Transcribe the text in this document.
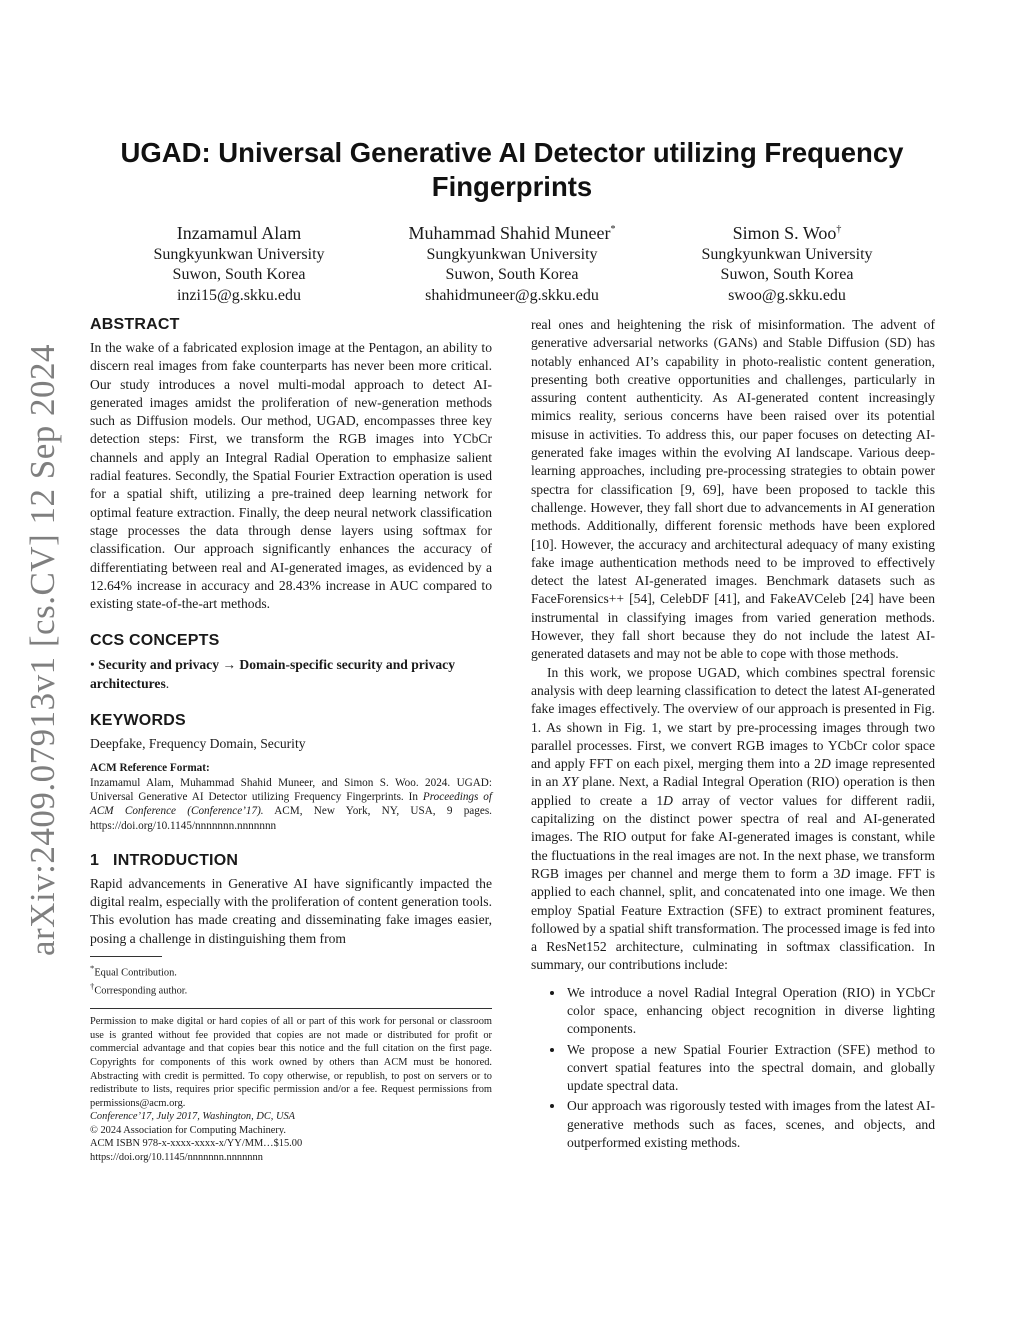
arXiv:2409.07913v1 [cs.CV] 12 Sep 2024
UGAD: Universal Generative AI Detector utilizing Frequency Fingerprints
Inzamamul Alam
Sungkyunkwan University
Suwon, South Korea
inzi15@g.skku.edu
Muhammad Shahid Muneer*
Sungkyunkwan University
Suwon, South Korea
shahidmuneer@g.skku.edu
Simon S. Woo†
Sungkyunkwan University
Suwon, South Korea
swoo@g.skku.edu
ABSTRACT

In the wake of a fabricated explosion image at the Pentagon, an ability to discern real images from fake counterparts has never been more critical. Our study introduces a novel multi-modal approach to detect AI-generated images amidst the proliferation of new-generation methods such as Diffusion models. Our method, UGAD, encompasses three key detection steps: First, we transform the RGB images into YCbCr channels and apply an Integral Radial Operation to emphasize salient radial features. Secondly, the Spatial Fourier Extraction operation is used for a spatial shift, utilizing a pre-trained deep learning network for optimal feature extraction. Finally, the deep neural network classification stage processes the data through dense layers using softmax for classification. Our approach significantly enhances the accuracy of differentiating between real and AI-generated images, as evidenced by a 12.64% increase in accuracy and 28.43% increase in AUC compared to existing state-of-the-art methods.

CCS CONCEPTS

• Security and privacy → Domain-specific security and privacy architectures.

KEYWORDS

Deepfake, Frequency Domain, Security

ACM Reference Format:

Inzamamul Alam, Muhammad Shahid Muneer, and Simon S. Woo. 2024. UGAD: Universal Generative AI Detector utilizing Frequency Fingerprints. In Proceedings of ACM Conference (Conference’17). ACM, New York, NY, USA, 9 pages. https://doi.org/10.1145/nnnnnnn.nnnnnnn

1 INTRODUCTION

Rapid advancements in Generative AI have significantly impacted the digital realm, especially with the proliferation of content generation tools. This evolution has made creating and disseminating fake images easier, posing a challenge in distinguishing them from

*Equal Contribution.

†Corresponding author.

Permission to make digital or hard copies of all or part of this work for personal or classroom use is granted without fee provided that copies are not made or distributed for profit or commercial advantage and that copies bear this notice and the full citation on the first page. Copyrights for components of this work owned by others than ACM must be honored. Abstracting with credit is permitted. To copy otherwise, or republish, to post on servers or to redistribute to lists, requires prior specific permission and/or a fee. Request permissions from permissions@acm.org.

Conference’17, July 2017, Washington, DC, USA

© 2024 Association for Computing Machinery.

ACM ISBN 978-x-xxxx-xxxx-x/YY/MM…$15.00

https://doi.org/10.1145/nnnnnnn.nnnnnnn

real ones and heightening the risk of misinformation. The advent of generative adversarial networks (GANs) and Stable Diffusion (SD) has notably enhanced AI’s capability in photo-realistic content generation, presenting both creative opportunities and challenges, particularly in assuring content authenticity. As AI-generated content increasingly mimics reality, serious concerns have been raised over its potential misuse in activities. To address this, our paper focuses on detecting AI-generated fake images within the evolving AI landscape. Various deep-learning approaches, including pre-processing strategies to obtain power spectra for classification [9, 69], have been proposed to tackle this challenge. However, they fall short due to advancements in AI generation methods. Additionally, different forensic methods have been explored [10]. However, the accuracy and architectural adequacy of many existing fake image authentication methods need to be improved to effectively detect the latest AI-generated images. Benchmark datasets such as FaceForensics++ [54], CelebDF [41], and FakeAVCeleb [24] have been instrumental in classifying images from varied generation methods. However, they fall short because they do not include the latest AI-generated datasets and may not be able to cope with those methods.

In this work, we propose UGAD, which combines spectral forensic analysis with deep learning classification to detect the latest AI-generated fake images effectively. The overview of our approach is presented in Fig. 1. As shown in Fig. 1, we start by pre-processing images through two parallel processes. First, we convert RGB images to YCbCr color space and apply FFT on each pixel, merging them into a 2D image represented in an XY plane. Next, a Radial Integral Operation (RIO) operation is then applied to create a 1D array of vector values for different radii, capitalizing on the distinct power spectra of real and AI-generated images. The RIO output for fake AI-generated images is constant, while the fluctuations in the real images are not. In the next phase, we transform RGB images per channel and merge them to form a 3D image. FFT is applied to each channel, split, and concatenated into one image. We then employ Spatial Feature Extraction (SFE) to extract prominent features, followed by a spatial shift transformation. The processed image is fed into a ResNet152 architecture, culminating in softmax classification. In summary, our contributions include:

• We introduce a novel Radial Integral Operation (RIO) in YCbCr color space, enhancing object recognition in diverse lighting components.
• We propose a new Spatial Fourier Extraction (SFE) method to convert spatial features into the spectral domain, and globally update spectral data.
• Our approach was rigorously tested with images from the latest AI-generative methods such as faces, scenes, and objects, and outperformed existing methods.
